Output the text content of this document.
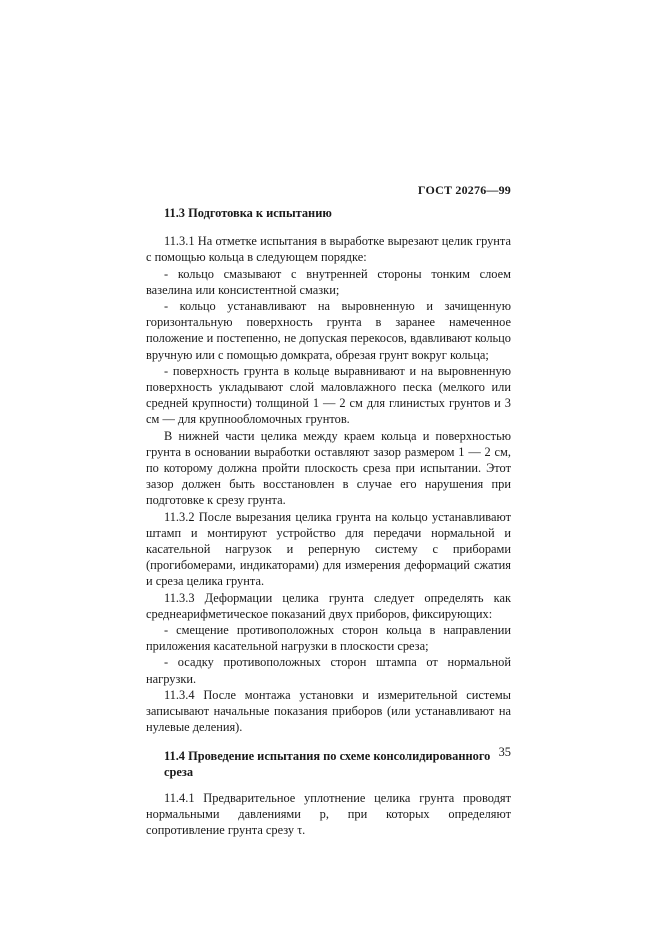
ГОСТ 20276—99
11.3 Подготовка к испытанию

11.3.1 На отметке испытания в выработке вырезают целик грунта с помощью кольца в следующем порядке:

- кольцо смазывают с внутренней стороны тонким слоем вазелина или консистентной смазки;

- кольцо устанавливают на выровненную и зачищенную горизонтальную поверхность грунта в заранее намеченное положение и постепенно, не допуская перекосов, вдавливают кольцо вручную или с помощью домкрата, обрезая грунт вокруг кольца;

- поверхность грунта в кольце выравнивают и на выровненную поверхность укладывают слой маловлажного песка (мелкого или средней крупности) толщиной 1 — 2 см для глинистых грунтов и 3 см — для крупнообломочных грунтов.

В нижней части целика между краем кольца и поверхностью грунта в основании выработки оставляют зазор размером 1 — 2 см, по которому должна пройти плоскость среза при испытании. Этот зазор должен быть восстановлен в случае его нарушения при подготовке к срезу грунта.

11.3.2 После вырезания целика грунта на кольцо устанавливают штамп и монтируют устройство для передачи нормальной и касательной нагрузок и реперную систему с приборами (прогибомерами, индикаторами) для измерения деформаций сжатия и среза целика грунта.

11.3.3 Деформации целика грунта следует определять как среднеарифметическое показаний двух приборов, фиксирующих:

- смещение противоположных сторон кольца в направлении приложения касательной нагрузки в плоскости среза;

- осадку противоположных сторон штампа от нормальной нагрузки.

11.3.4 После монтажа установки и измерительной системы записывают начальные показания приборов (или устанавливают на нулевые деления).

11.4 Проведение испытания по схеме консолидированного среза

11.4.1 Предварительное уплотнение целика грунта проводят нормальными давлениями p, при которых определяют сопротивление грунта срезу τ.

35
